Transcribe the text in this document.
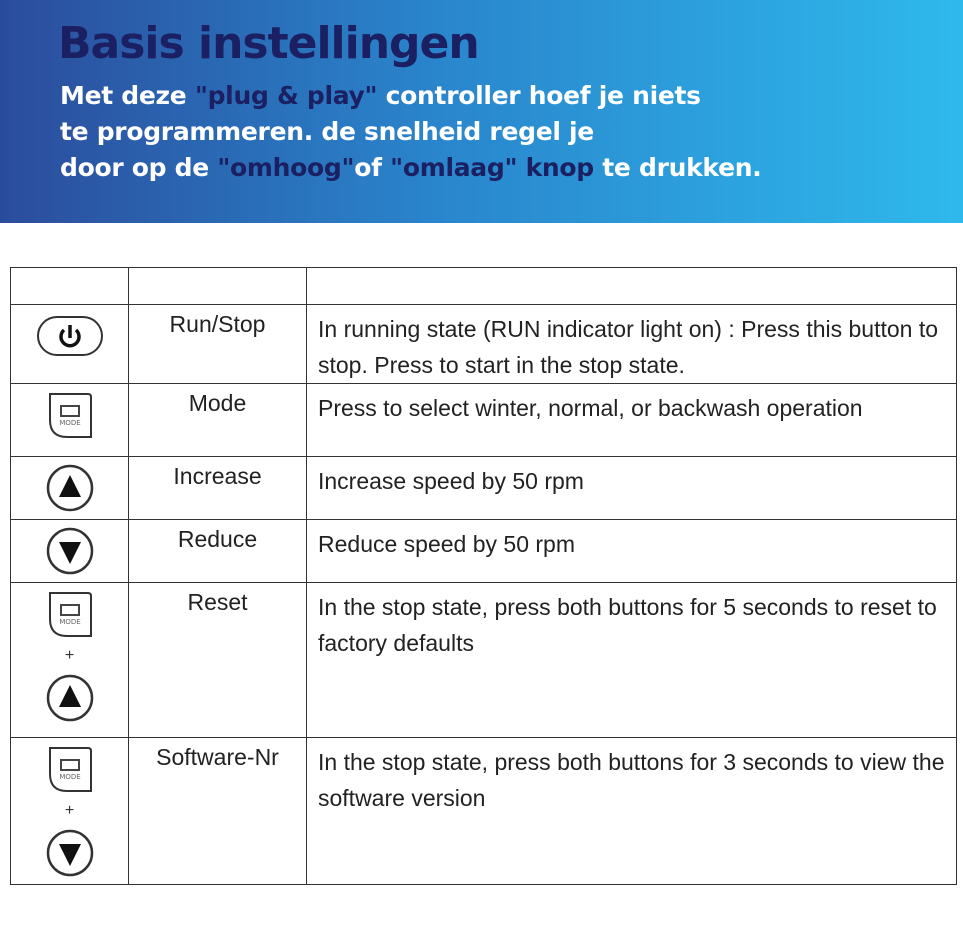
Basis instellingen
Met deze "plug & play" controller hoef je niets
te programmeren. de snelheid regel je
door op de "omhoog"of "omlaag" knop te drukken.

	Run/Stop	In running state (RUN indicator light on) : Press this button to stop. Press to start in the stop state.

MODE	Mode	Press to select winter, normal, or backwash operation

	Increase	Increase speed by 50 rpm

	Reduce	Reduce speed by 50 rpm

MODE
+	Reset	In the stop state, press both buttons for 5 seconds to reset to factory defaults

MODE
+	Software-Nr	In the stop state, press both buttons for 3 seconds to view the software version
